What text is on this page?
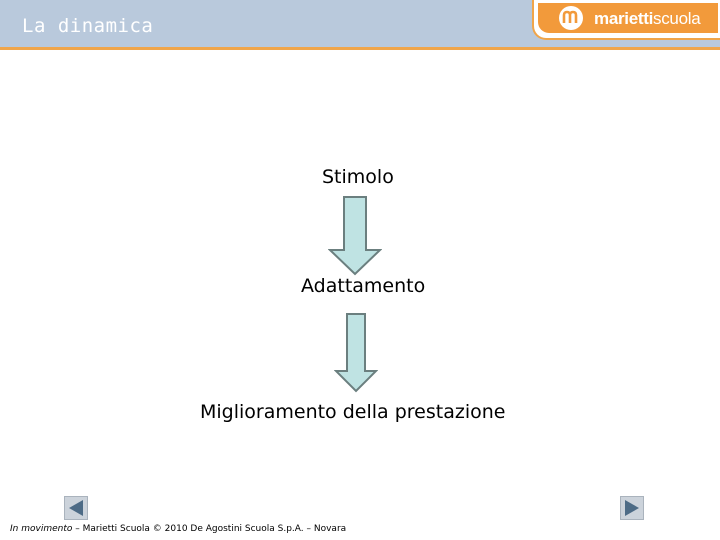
La dinamica	mariettiscuola
Stimolo
Adattamento
Miglioramento della prestazione
In movimento – Marietti Scuola © 2010 De Agostini Scuola S.p.A. – Novara
